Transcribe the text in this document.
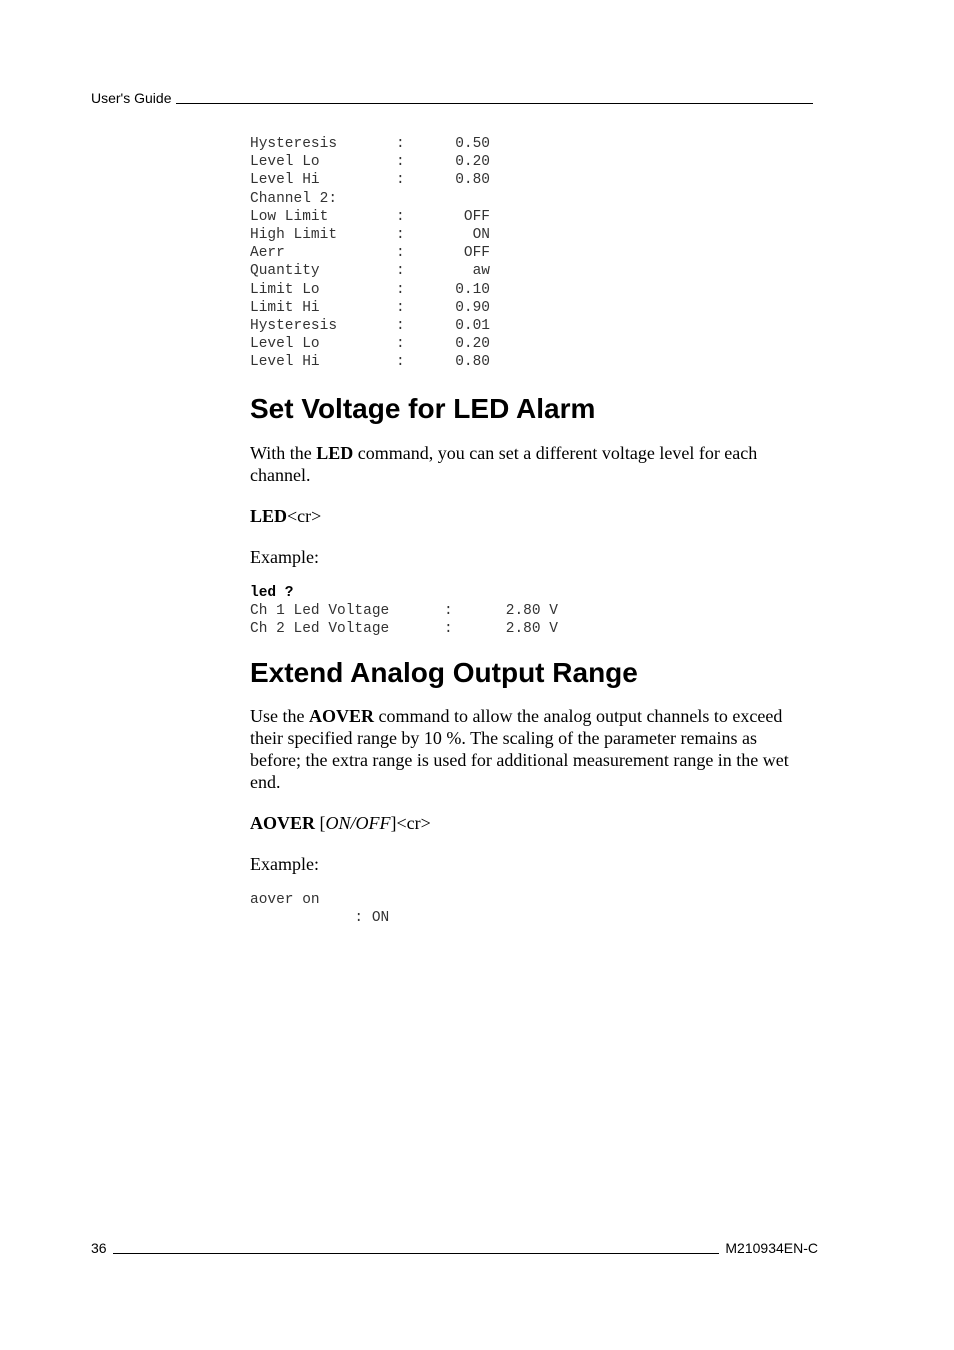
User's Guide
Hysteresis	:	0.50
Level Lo	:	0.20
Level Hi	:	0.80
Channel 2:
Low Limit	:	OFF
High Limit	:	ON
Aerr	:	OFF
Quantity	:	aw
Limit Lo	:	0.10
Limit Hi	:	0.90
Hysteresis	:	0.01
Level Lo	:	0.20
Level Hi	:	0.80
Set Voltage for LED Alarm

With the LED command, you can set a different voltage level for each channel.

LED<cr>

Example:

led ?
Ch 1 Led Voltage	:	2.80 V
Ch 2 Led Voltage	:	2.80 V
Extend Analog Output Range

Use the AOVER command to allow the analog output channels to exceed their specified range by 10 %. The scaling of the parameter remains as before; the extra range is used for additional measurement range in the wet end.

AOVER [ON/OFF]<cr>

Example:

aover on
: ON
36	M210934EN-C
